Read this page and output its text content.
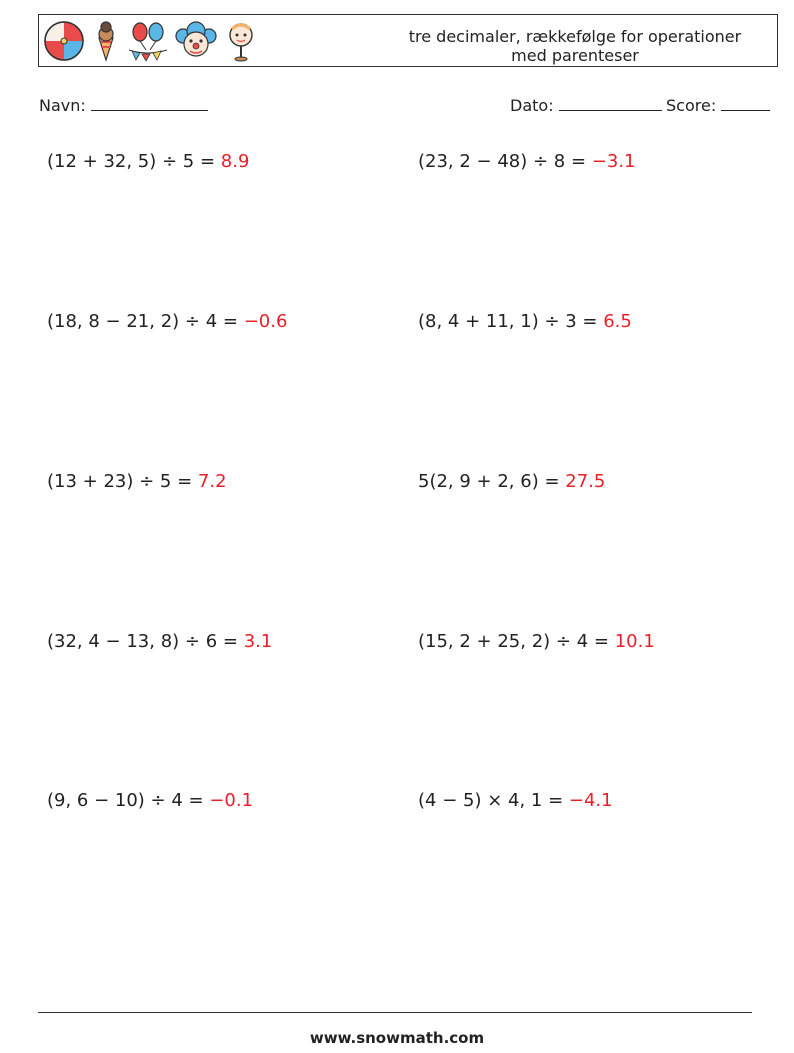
tre decimaler, rækkefølge for operationer med parenteser
Navn:	Dato:	Score:
(12 + 32, 5) ÷ 5 = 8.9	(23, 2 − 48) ÷ 8 = −3.1
(18, 8 − 21, 2) ÷ 4 = −0.6	(8, 4 + 11, 1) ÷ 3 = 6.5
(13 + 23) ÷ 5 = 7.2	5(2, 9 + 2, 6) = 27.5
(32, 4 − 13, 8) ÷ 6 = 3.1	(15, 2 + 25, 2) ÷ 4 = 10.1
(9, 6 − 10) ÷ 4 = −0.1	(4 − 5) × 4, 1 = −4.1
www.snowmath.com
